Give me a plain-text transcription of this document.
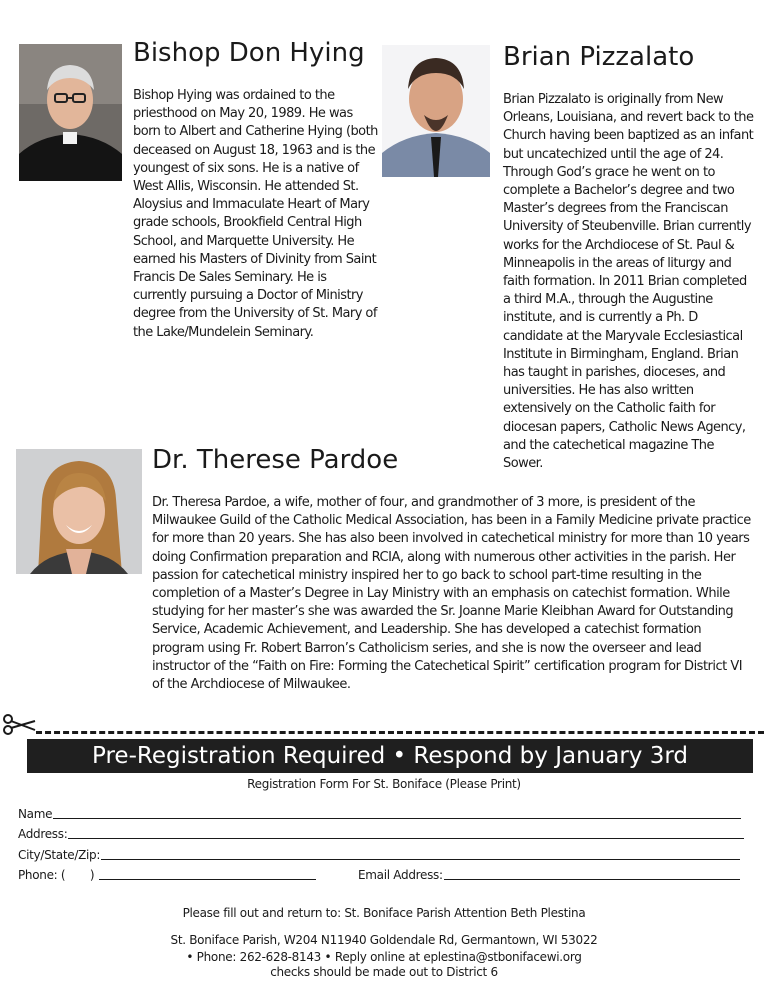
Bishop Don Hying

Bishop Hying was ordained to the priesthood on May 20, 1989. He was born to Albert and Catherine Hying (both deceased on August 18, 1963 and is the youngest of six sons. He is a native of West Allis, Wisconsin. He attended St. Aloysius and Immaculate Heart of Mary grade schools, Brookfield Central High School, and Marquette University. He earned his Masters of Divinity from Saint Francis De Sales Seminary. He is currently pursuing a Doctor of Ministry degree from the University of St. Mary of the Lake/Mundelein Seminary.

Brian Pizzalato

Brian Pizzalato is originally from New Orleans, Louisiana, and revert back to the Church having been baptized as an infant but uncatechized until the age of 24. Through God’s grace he went on to complete a Bachelor’s degree and two Master’s degrees from the Franciscan University of Steubenville. Brian currently works for the Archdiocese of St. Paul & Minneapolis in the areas of liturgy and faith formation. In 2011 Brian completed a third M.A., through the Augustine institute, and is currently a Ph. D candidate at the Maryvale Ecclesiastical Institute in Birmingham, England. Brian has taught in parishes, dioceses, and universities. He has also written extensively on the Catholic faith for diocesan papers, Catholic News Agency, and the catechetical magazine The Sower.

Dr. Therese Pardoe

Dr. Theresa Pardoe, a wife, mother of four, and grandmother of 3 more, is president of the Milwaukee Guild of the Catholic Medical Association, has been in a Family Medicine private practice for more than 20 years. She has also been involved in catechetical ministry for more than 10 years doing Confirmation preparation and RCIA, along with numerous other activities in the parish. Her passion for catechetical ministry inspired her to go back to school part-time resulting in the completion of a Master’s Degree in Lay Ministry with an emphasis on catechist formation. While studying for her master’s she was awarded the Sr. Joanne Marie Kleibhan Award for Outstanding Service, Academic Achievement, and Leadership. She has developed a catechist formation program using Fr. Robert Barron’s Catholicism series, and she is now the overseer and lead instructor of the “Faith on Fire: Forming the Catechetical Spirit” certification program for District VI of the Archdiocese of Milwaukee.

Pre-Registration Required • Respond by January 3rd
Registration Form For St. Boniface (Please Print)
Name
Address:
City/State/Zip:
Phone: (       )	Email Address:
Please fill out and return to: St. Boniface Parish Attention Beth Plestina
St. Boniface Parish, W204 N11940 Goldendale Rd, Germantown, WI 53022
• Phone: 262-628-8143 • Reply online at eplestina@stbonifacewi.org
checks should be made out to District 6
